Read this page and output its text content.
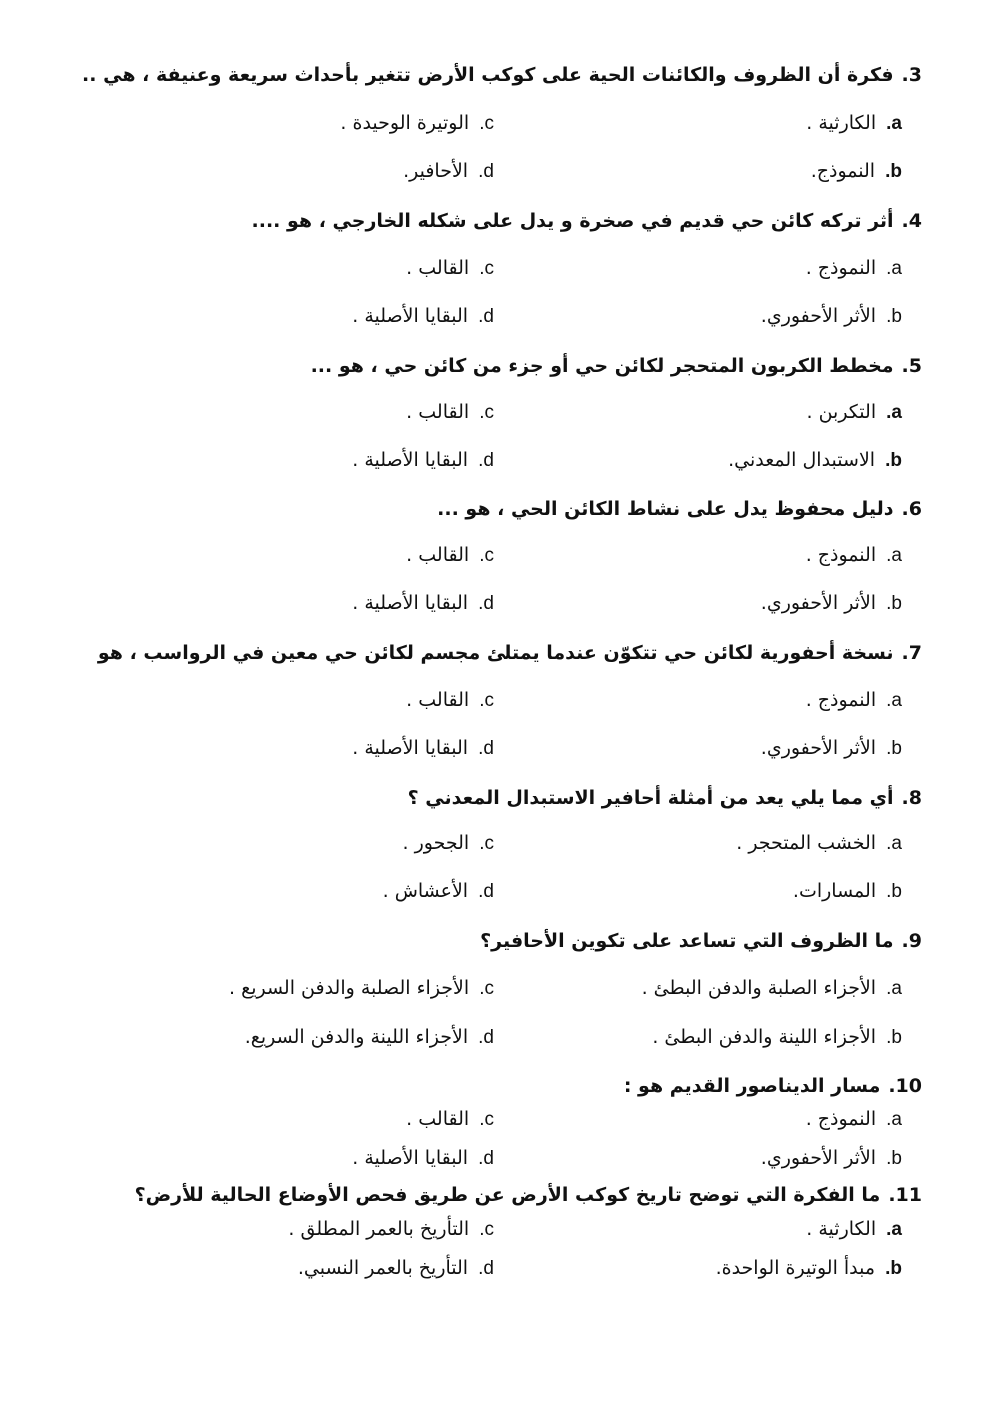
3.فكرة أن الظروف والكائنات الحية على كوكب الأرض تتغير بأحداث سريعة وعنيفة ، هي ..
a. الكارثية .
b. النموذج.
c. الوتيرة الوحيدة .
d. الأحافير.
4.أثر تركه كائن حي قديم في صخرة و يدل على شكله الخارجي ، هو ....
a. النموذج .
b. الأثر الأحفوري.
c. القالب .
d. البقايا الأصلية .
5.مخطط الكربون المتحجر لكائن حي أو جزء من كائن حي ، هو ...
a. التكربن .
b. الاستبدال المعدني.
c. القالب .
d. البقايا الأصلية .
6.دليل محفوظ يدل على نشاط الكائن الحي ، هو ...
a. النموذج .
b. الأثر الأحفوري.
c. القالب .
d. البقايا الأصلية .
7.نسخة أحفورية لكائن حي تتكوّن عندما يمتلئ مجسم لكائن حي معين في الرواسب ، هو
a. النموذج .
b. الأثر الأحفوري.
c. القالب .
d. البقايا الأصلية .
8.أي مما يلي يعد من أمثلة أحافير الاستبدال المعدني ؟
a. الخشب المتحجر .
b. المسارات.
c. الجحور .
d. الأعشاش .
9.ما الظروف التي تساعد على تكوين الأحافير؟
a. الأجزاء الصلبة والدفن البطئ .
b. الأجزاء اللينة والدفن البطئ .
c. الأجزاء الصلبة والدفن السريع .
d. الأجزاء اللينة والدفن السريع.
10.مسار الديناصور القديم هو :
a. النموذج .
b. الأثر الأحفوري.
c. القالب .
d. البقايا الأصلية .
11.ما الفكرة التي توضح تاريخ كوكب الأرض عن طريق فحص الأوضاع الحالية للأرض؟
a. الكارثية .
b. مبدأ الوتيرة الواحدة.
c. التأريخ بالعمر المطلق .
d. التأريخ بالعمر النسبي.
